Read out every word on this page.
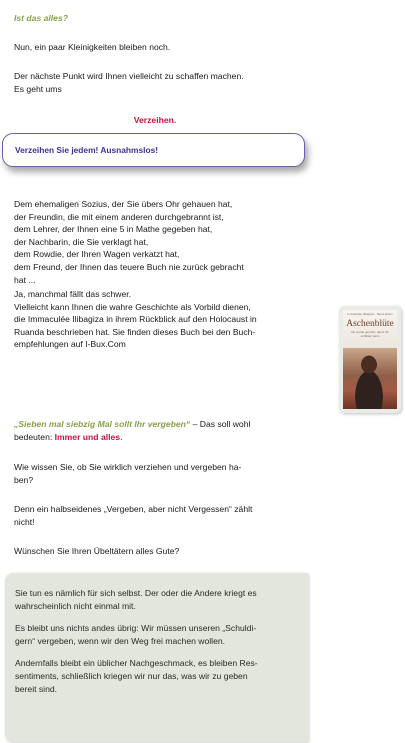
Ist das alles?

Nun, ein paar Kleinigkeiten bleiben noch.

Der nächste Punkt wird Ihnen vielleicht zu schaffen machen.
Es geht ums

Verzeihen.
Verzeihen Sie jedem! Ausnahmslos!

Dem ehemaligen Sozius, der Sie übers Ohr gehauen hat,
der Freundin, die mit einem anderen durchgebrannt ist,
dem Lehrer, der Ihnen eine 5 in Mathe gegeben hat,
der Nachbarin, die Sie verklagt hat,
dem Rowdie, der Ihren Wagen verkatzt hat,
dem Freund, der Ihnen das teuere Buch nie zurück gebracht
hat ...

Ja, manchmal fällt das schwer.
Vielleicht kann Ihnen die wahre Geschichte als Vorbild dienen,
die Immaculée Ilibagiza in ihrem Rückblick auf den Holocaust in
Ruanda beschrieben hat. Sie finden dieses Buch bei den Buch-
empfehlungen auf I-Bux.Com

Immaculée Ilibagiza · Steve Erwin
Aschenblüte
Ich wurde gerettet, damit ich erzählen kann

„Sieben mal siebzig Mal sollt Ihr vergeben“ – Das soll wohl
bedeuten: Immer und alles.

Wie wissen Sie, ob Sie wirklich verziehen und vergeben ha-
ben?

Denn ein halbseidenes „Vergeben, aber nicht Vergessen“ zählt
nicht!

Wünschen Sie Ihren Übeltätern alles Gute?

Sie tun es nämlich für sich selbst. Der oder die Andere kriegt es
wahrscheinlich nicht einmal mit.

Es bleibt uns nichts andes übrig: Wir müssen unseren „Schuldi-
gern“ vergeben, wenn wir den Weg frei machen wollen.

Andernfalls bleibt ein üblicher Nachgeschmack, es bleiben Res-
sentiments, schließlich kriegen wir nur das, was wir zu geben
bereit sind.
